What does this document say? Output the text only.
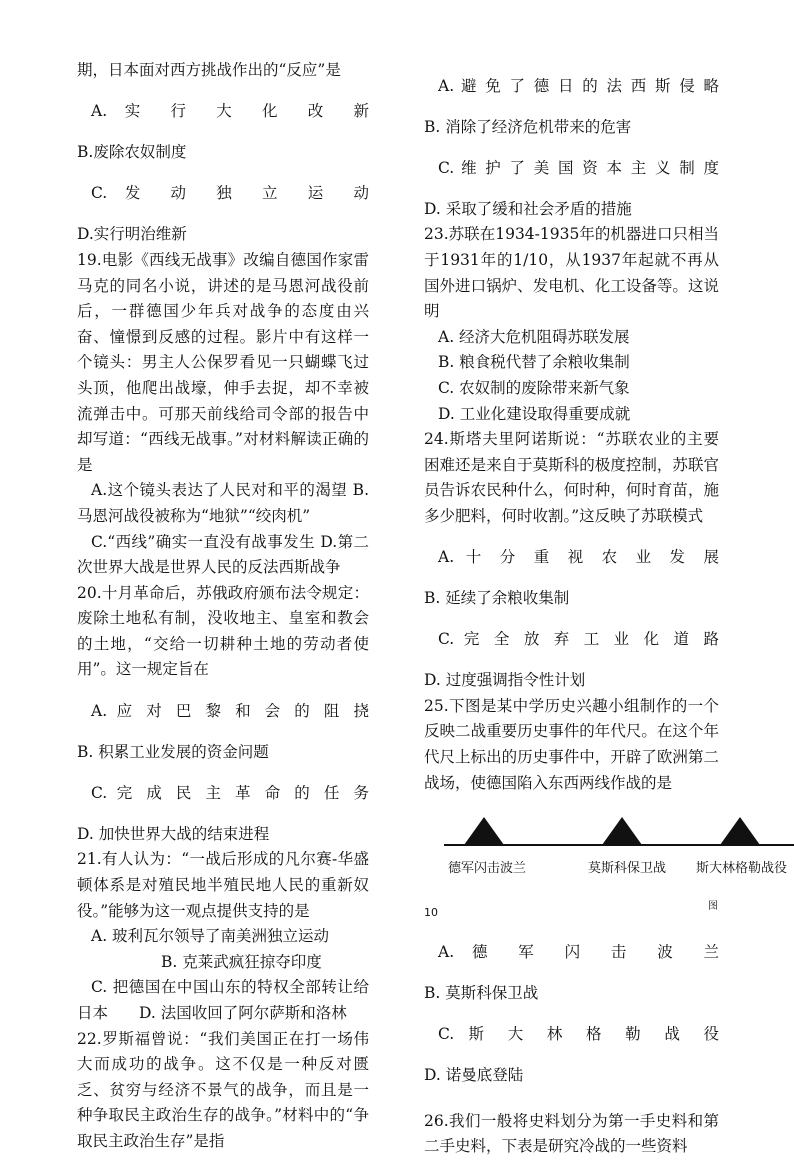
期，日本面对西方挑战作出的“反应”是

A. 实 行 大 化 改 新

B.废除农奴制度

C. 发 动 独 立 运 动

D.实行明治维新

19.电影《西线无战事》改编自德国作家雷马克的同名小说，讲述的是马恩河战役前后，一群德国少年兵对战争的态度由兴奋、憧憬到反感的过程。影片中有这样一个镜头：男主人公保罗看见一只蝴蝶飞过头顶，他爬出战壕，伸手去捉，却不幸被流弹击中。可那天前线给司令部的报告中却写道：“西线无战事。”对材料解读正确的是

A.这个镜头表达了人民对和平的渴望 B.马恩河战役被称为“地狱”“绞肉机”

C.“西线”确实一直没有战事发生 D.第二次世界大战是世界人民的反法西斯战争

20.十月革命后，苏俄政府颁布法令规定：废除土地私有制，没收地主、皇室和教会的土地，“交给一切耕种土地的劳动者使用”。这一规定旨在

A. 应 对 巴 黎 和 会 的 阻 挠

B. 积累工业发展的资金问题

C. 完 成 民 主 革 命 的 任 务

D. 加快世界大战的结束进程

21.有人认为：“一战后形成的凡尔赛-华盛顿体系是对殖民地半殖民地人民的重新奴役。”能够为这一观点提供支持的是

A. 玻利瓦尔领导了南美洲独立运动

B. 克莱武疯狂掠夺印度

C. 把德国在中国山东的特权全部转让给日本　　D. 法国收回了阿尔萨斯和洛林

22.罗斯福曾说：“我们美国正在打一场伟大而成功的战争。这不仅是一种反对匮乏、贫穷与经济不景气的战争，而且是一种争取民主政治生存的战争。”材料中的“争取民主政治生存”是指

A. 避 免 了 德 日 的 法 西 斯 侵 略

B. 消除了经济危机带来的危害

C. 维 护 了 美 国 资 本 主 义 制 度

D. 采取了缓和社会矛盾的措施

23.苏联在1934-1935年的机器进口只相当于1931年的1/10，从1937年起就不再从国外进口锅炉、发电机、化工设备等。这说明

A. 经济大危机阻碍苏联发展

B. 粮食税代替了余粮收集制

C. 农奴制的废除带来新气象

D. 工业化建设取得重要成就

24.斯塔夫里阿诺斯说：“苏联农业的主要困难还是来自于莫斯科的极度控制，苏联官员告诉农民种什么，何时种，何时育苗，施多少肥料，何时收割。”这反映了苏联模式

A. 十 分 重 视 农 业 发 展

B. 延续了余粮收集制

C. 完 全 放 弃 工 业 化 道 路

D. 过度强调指令性计划

25.下图是某中学历史兴趣小组制作的一个反映二战重要历史事件的年代尺。在这个年代尺上标出的历史事件中，开辟了欧洲第二战场，使德国陷入东西两线作战的是

德军闪击波兰	莫斯科保卫战 斯大林格勒战役
图

10

A. 德 军 闪 击 波 兰

B. 莫斯科保卫战

C. 斯 大 林 格 勒 战 役

D. 诺曼底登陆

26.我们一般将史料划分为第一手史料和第二手史料，下表是研究冷战的一些资料
